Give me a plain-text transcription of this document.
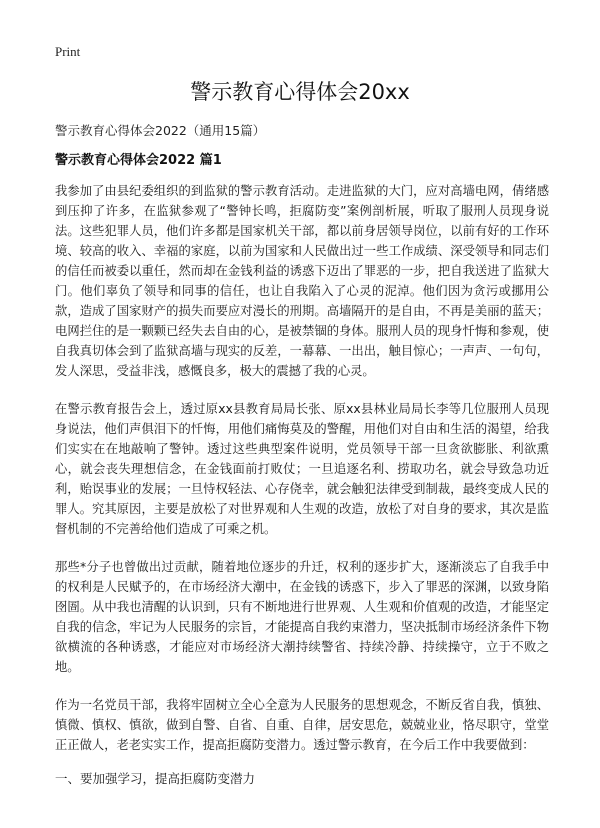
Print
警示教育心得体会20xx

警示教育心得体会2022（通用15篇）

警示教育心得体会2022 篇1

我参加了由县纪委组织的到监狱的警示教育活动。走进监狱的大门，应对高墙电网，倩绪感到压抑了许多，在监狱参观了“警钟长鸣，拒腐防变”案例剖析展，听取了服刑人员现身说法。这些犯罪人员，他们许多都是国家机关干部，都以前身居领导岗位，以前有好的工作环境、较高的收入、幸福的家庭，以前为国家和人民做出过一些工作成绩、深受领导和同志们的信任而被委以重任，然而却在金钱利益的诱惑下迈出了罪恶的一步，把自我送进了监狱大门。他们辜负了领导和同事的信任，也让自我陷入了心灵的泥淖。他们因为贪污或挪用公款，造成了国家财产的损失而要应对漫长的刑期。高墙隔开的是自由，不再是美丽的蓝天；电网拦住的是一颗颗已经失去自由的心，是被禁锢的身体。服刑人员的现身忏悔和参观，使自我真切体会到了监狱高墙与现实的反差，一幕幕、一出出，触目惊心；一声声、一句句，发人深思，受益非浅，感慨良多，极大的震撼了我的心灵。

在警示教育报告会上，透过原xx县教育局局长张、原xx县林业局局长李等几位服刑人员现身说法，他们声俱泪下的忏悔，用他们痛悔莫及的警醒，用他们对自由和生活的渴望，给我们实实在在地敲响了警钟。透过这些典型案件说明，党员领导干部一旦贪欲膨胀、利欲熏心，就会丧失理想信念，在金钱面前打败仗；一旦追逐名利、捞取功名，就会导致急功近利，贻误事业的发展；一旦恃权轻法、心存侥幸，就会触犯法律受到制裁，最终变成人民的罪人。究其原因，主要是放松了对世界观和人生观的改造，放松了对自身的要求，其次是监督机制的不完善给他们造成了可乘之机。

那些*分子也曾做出过贡献，随着地位逐步的升迁，权利的逐步扩大，逐渐淡忘了自我手中的权利是人民赋予的，在市场经济大潮中，在金钱的诱惑下，步入了罪恶的深渊，以致身陷囹圄。从中我也清醒的认识到，只有不断地进行世界观、人生观和价值观的改造，才能坚定自我的信念，牢记为人民服务的宗旨，才能提高自我约束潜力，坚决抵制市场经济条件下物欲横流的各种诱惑，才能应对市场经济大潮持续警省、持续冷静、持续操守，立于不败之地。

作为一名党员干部，我将牢固树立全心全意为人民服务的思想观念，不断反省自我，慎独、慎微、慎权、慎欲，做到自警、自省、自重、自律，居安思危，兢兢业业，恪尽职守，堂堂正正做人，老老实实工作，提高拒腐防变潜力。透过警示教育，在今后工作中我要做到：

一、要加强学习，提高拒腐防变潜力
